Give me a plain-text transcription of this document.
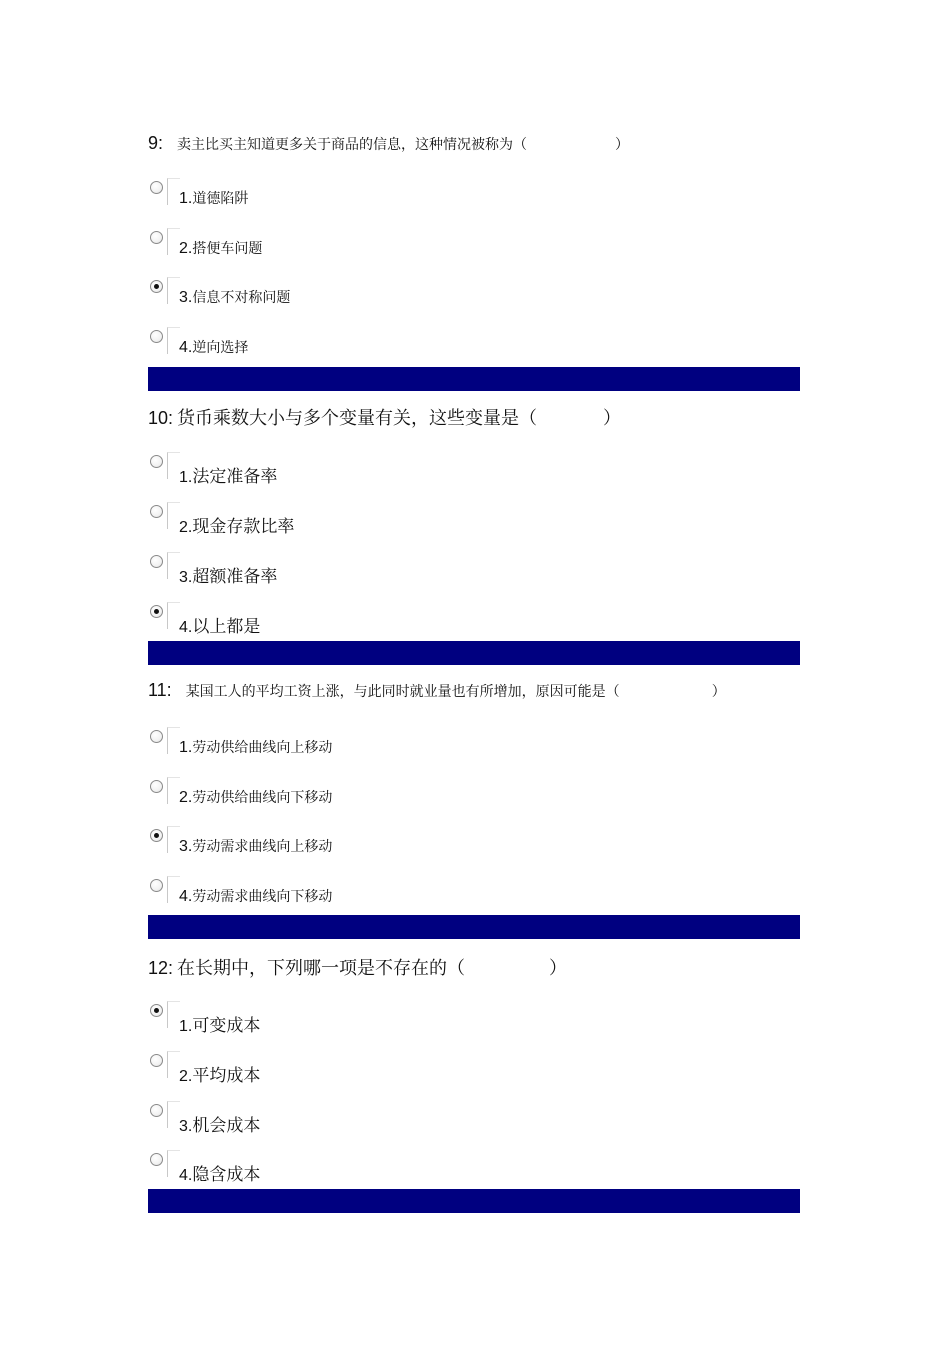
9: 卖主比买主知道更多关于商品的信息，这种情况被称为（	）
1.道德陷阱
2.搭便车问题
3.信息不对称问题
4.逆向选择
10: 货币乘数大小与多个变量有关，这些变量是（	）
1.法定准备率
2.现金存款比率
3.超额准备率
4.以上都是
11: 某国工人的平均工资上涨，与此同时就业量也有所增加，原因可能是（	）
1.劳动供给曲线向上移动
2.劳动供给曲线向下移动
3.劳动需求曲线向上移动
4.劳动需求曲线向下移动
12: 在长期中，下列哪一项是不存在的（	）
1.可变成本
2.平均成本
3.机会成本
4.隐含成本
